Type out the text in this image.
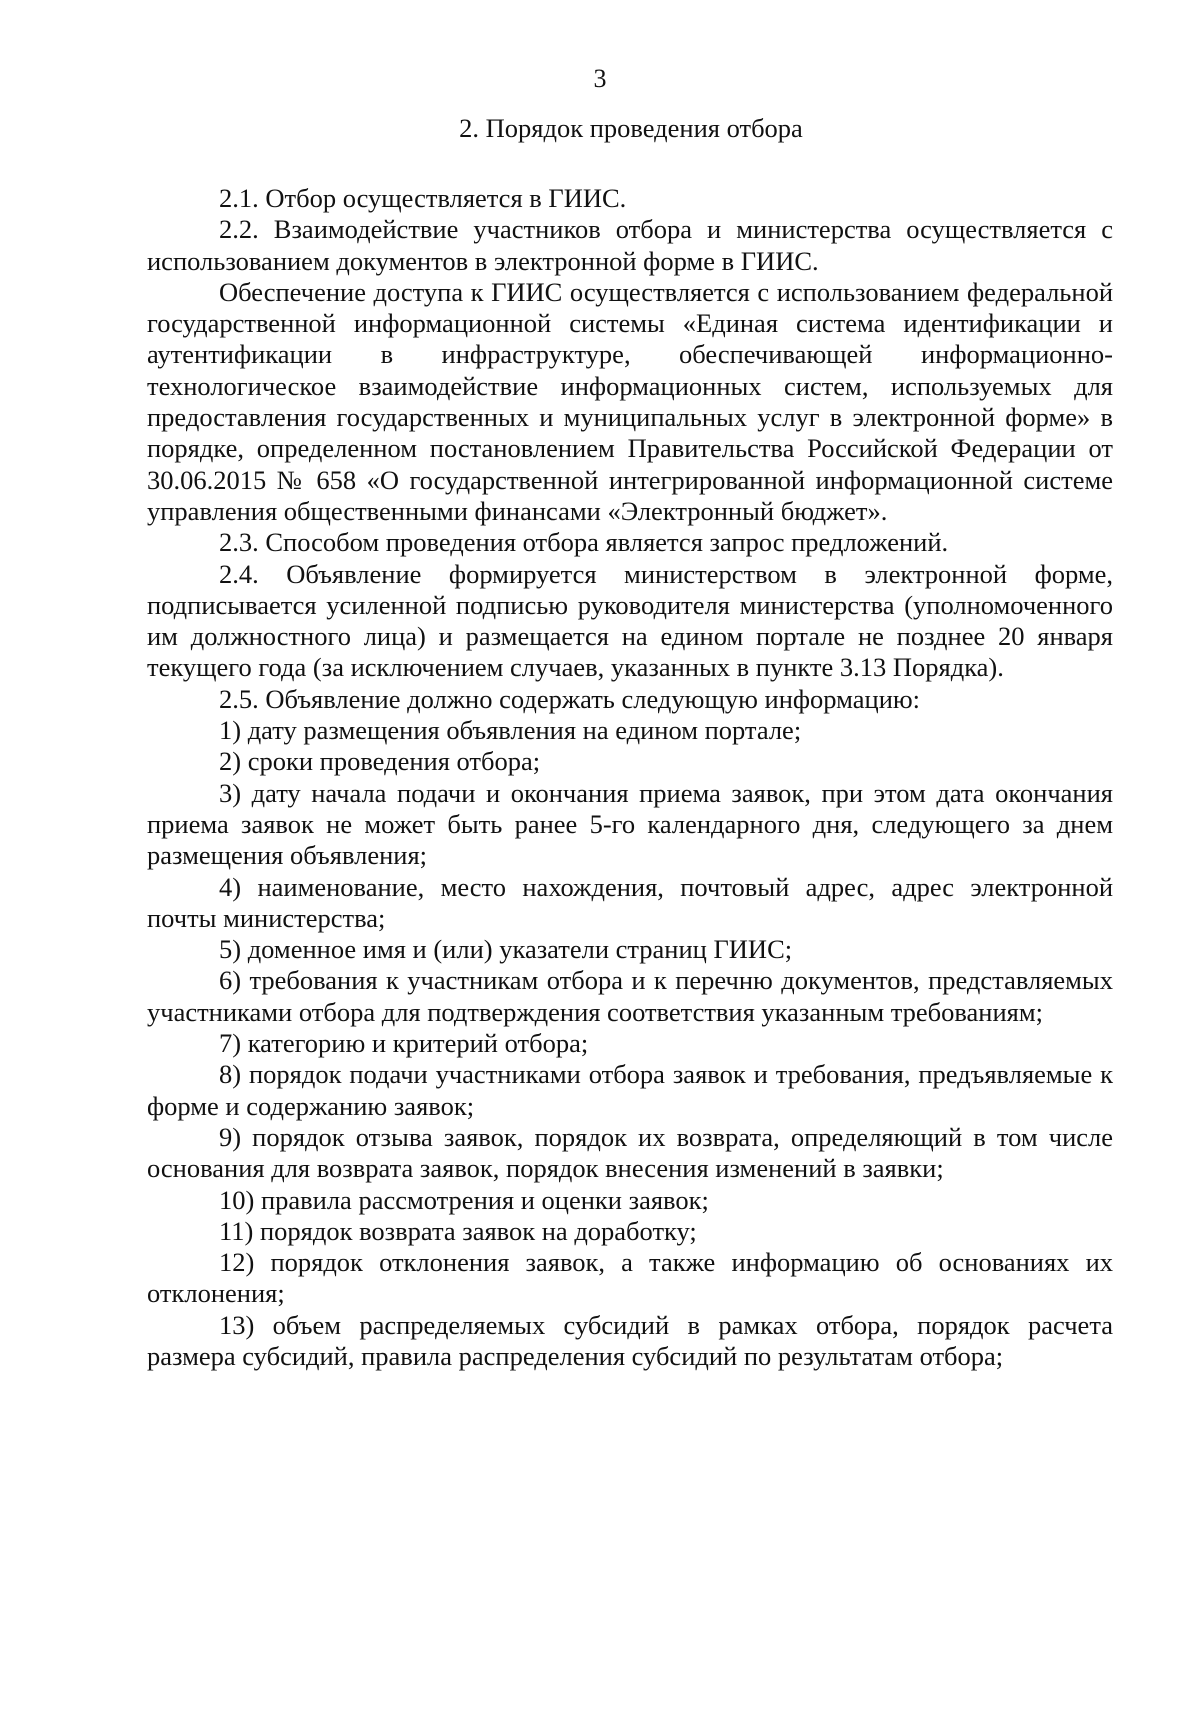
3
2. Порядок проведения отбора

2.1. Отбор осуществляется в ГИИС.

2.2. Взаимодействие участников отбора и министерства осуществляется с использованием документов в электронной форме в ГИИС.

Обеспечение доступа к ГИИС осуществляется с использованием федеральной государственной информационной системы «Единая система идентификации и аутентификации в инфраструктуре, обеспечивающей информационно-технологическое взаимодействие информационных систем, используемых для предоставления государственных и муниципальных услуг в электронной форме» в порядке, определенном постановлением Правительства Российской Федерации от 30.06.2015 № 658 «О государственной интегрированной информационной системе управления общественными финансами «Электронный бюджет».

2.3. Способом проведения отбора является запрос предложений.

2.4. Объявление формируется министерством в электронной форме, подписывается усиленной подписью руководителя министерства (уполномоченного им должностного лица) и размещается на едином портале не позднее 20 января текущего года (за исключением случаев, указанных в пункте 3.13 Порядка).

2.5. Объявление должно содержать следующую информацию:

1) дату размещения объявления на едином портале;

2) сроки проведения отбора;

3) дату начала подачи и окончания приема заявок, при этом дата окончания приема заявок не может быть ранее 5-го календарного дня, следующего за днем размещения объявления;

4) наименование, место нахождения, почтовый адрес, адрес электронной почты министерства;

5) доменное имя и (или) указатели страниц ГИИС;

6) требования к участникам отбора и к перечню документов, представляемых участниками отбора для подтверждения соответствия указанным требованиям;

7) категорию и критерий отбора;

8) порядок подачи участниками отбора заявок и требования, предъявляемые к форме и содержанию заявок;

9) порядок отзыва заявок, порядок их возврата, определяющий в том числе основания для возврата заявок, порядок внесения изменений в заявки;

10) правила рассмотрения и оценки заявок;

11) порядок возврата заявок на доработку;

12) порядок отклонения заявок, а также информацию об основаниях их отклонения;

13) объем распределяемых субсидий в рамках отбора, порядок расчета размера субсидий, правила распределения субсидий по результатам отбора;
